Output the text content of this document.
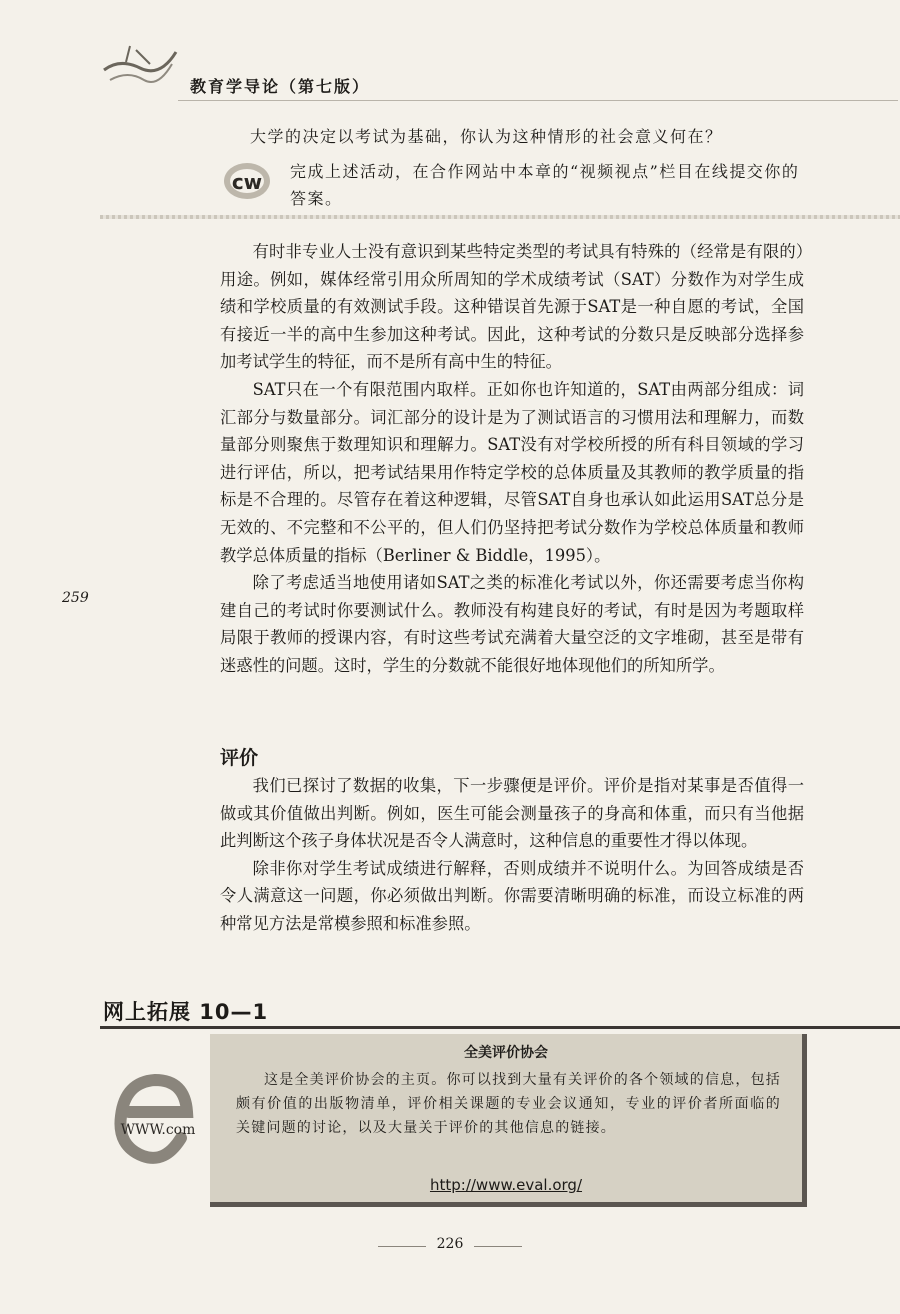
教育学导论（第七版）
大学的决定以考试为基础，你认为这种情形的社会意义何在？
cw 完成上述活动，在合作网站中本章的“视频视点”栏目在线提交你的答案。
259

有时非专业人士没有意识到某些特定类型的考试具有特殊的（经常是有限的）用途。例如，媒体经常引用众所周知的学术成绩考试（SAT）分数作为对学生成绩和学校质量的有效测试手段。这种错误首先源于SAT是一种自愿的考试，全国有接近一半的高中生参加这种考试。因此，这种考试的分数只是反映部分选择参加考试学生的特征，而不是所有高中生的特征。

SAT只在一个有限范围内取样。正如你也许知道的，SAT由两部分组成：词汇部分与数量部分。词汇部分的设计是为了测试语言的习惯用法和理解力，而数量部分则聚焦于数理知识和理解力。SAT没有对学校所授的所有科目领域的学习进行评估，所以，把考试结果用作特定学校的总体质量及其教师的教学质量的指标是不合理的。尽管存在着这种逻辑，尽管SAT自身也承认如此运用SAT总分是无效的、不完整和不公平的，但人们仍坚持把考试分数作为学校总体质量和教师教学总体质量的指标（Berliner & Biddle，1995）。

除了考虑适当地使用诸如SAT之类的标准化考试以外，你还需要考虑当你构建自己的考试时你要测试什么。教师没有构建良好的考试，有时是因为考题取样局限于教师的授课内容，有时这些考试充满着大量空泛的文字堆砌，甚至是带有迷惑性的问题。这时，学生的分数就不能很好地体现他们的所知所学。

评价

我们已探讨了数据的收集，下一步骤便是评价。评价是指对某事是否值得一做或其价值做出判断。例如，医生可能会测量孩子的身高和体重，而只有当他据此判断这个孩子身体状况是否令人满意时，这种信息的重要性才得以体现。

除非你对学生考试成绩进行解释，否则成绩并不说明什么。为回答成绩是否令人满意这一问题，你必须做出判断。你需要清晰明确的标准，而设立标准的两种常见方法是常模参照和标准参照。

网上拓展 10—1
WWW.com
全美评价协会
这是全美评价协会的主页。你可以找到大量有关评价的各个领域的信息，包括颇有价值的出版物清单，评价相关课题的专业会议通知，专业的评价者所面临的关键问题的讨论，以及大量关于评价的其他信息的链接。
http://www.eval.org/
226
